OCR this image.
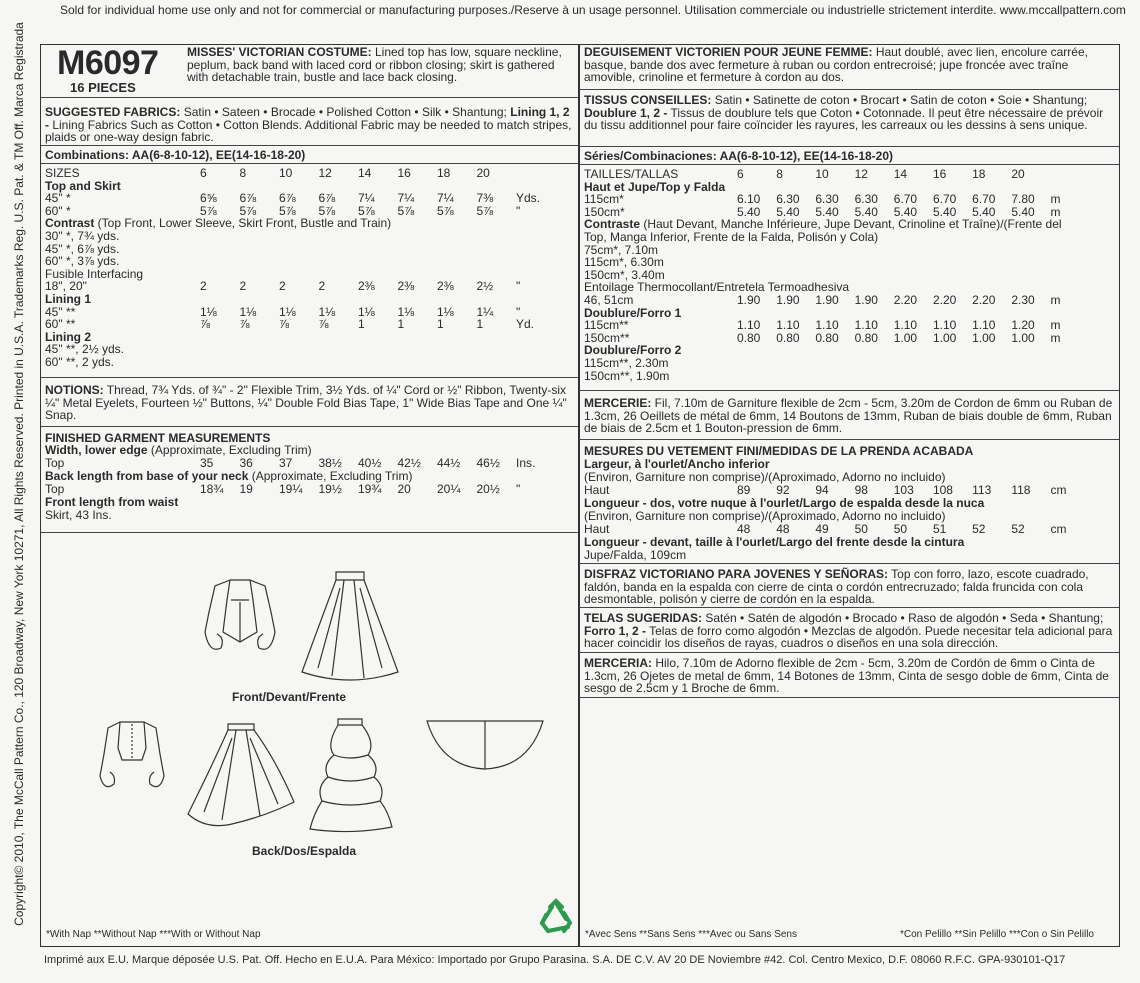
Sold for individual home use only and not for commercial or manufacturing purposes./Reserve à un usage personnel. Utilisation commerciale ou industrielle strictement interdite. www.mccallpattern.com
Copyright© 2010, The McCall Pattern Co., 120 Broadway, New York 10271, All Rights Reserved. Printed in U.S.A. Trademarks Reg. U.S. Pat. & TM Off. Marca Registrada M6097
16 PIECES
MISSES' VICTORIAN COSTUME: Lined top has low, square neckline, peplum, back band with laced cord or ribbon closing; skirt is gathered with detachable train, bustle and lace back closing.
SUGGESTED FABRICS: Satin • Sateen • Brocade • Polished Cotton • Silk • Shantung; Lining 1, 2 - Lining Fabrics Such as Cotton • Cotton Blends. Additional Fabric may be needed to match stripes, plaids or one-way design fabric.
Combinations: AA(6-8-10-12), EE(14-16-18-20)
SIZES	6	8	10	12	14	16	18	20	
Top and Skirt									
45" *	6⅝	6⅞	6⅞	6⅞	7¼	7¼	7¼	7⅜	Yds.
60" *	5⅞	5⅞	5⅞	5⅞	5⅞	5⅞	5⅞	5⅞	"
Contrast (Top Front, Lower Sleeve, Skirt Front, Bustle and Train)									
30" *, 7¾ yds.									
45" *, 6⅞ yds.									
60" *, 3⅞ yds.									
Fusible Interfacing									
18", 20"	2	2	2	2	2⅜	2⅜	2⅜	2½	"
Lining 1									
45" **	1⅛	1⅛	1⅛	1⅛	1⅛	1⅛	1⅛	1¼	"
60" **	⅞	⅞	⅞	⅞	1	1	1	1	Yd.
Lining 2									
45" **, 2½ yds.									
60" **, 2 yds.									
NOTIONS: Thread, 7¾ Yds. of ¾" - 2" Flexible Trim, 3½ Yds. of ¼" Cord or ½" Ribbon, Twenty-six ¼" Metal Eyelets, Fourteen ½" Buttons, ¼" Double Fold Bias Tape, 1" Wide Bias Tape and One ¼" Snap.
FINISHED GARMENT MEASUREMENTS
Width, lower edge (Approximate, Excluding Trim)
Top	35	36	37	38½	40½	42½	44½	46½	Ins.
Back length from base of your neck (Approximate, Excluding Trim)
Top	18¾	19	19¼	19½	19¾	20	20¼	20½	"
Front length from waist
Skirt, 43 Ins.
Front/Devant/Frente
Back/Dos/Espalda
*With Nap **Without Nap ***With or Without Nap
DEGUISEMENT VICTORIEN POUR JEUNE FEMME: Haut doublé, avec lien, encolure carrée, basque, bande dos avec fermeture à ruban ou cordon entrecroisé; jupe froncée avec traîne amovible, crinoline et fermeture à cordon au dos.
TISSUS CONSEILLES: Satin • Satinette de coton • Brocart • Satin de coton • Soie • Shantung; Doublure 1, 2 - Tissus de doublure tels que Coton • Cotonnade. Il peut être nécessaire de prévoir du tissu additionnel pour faire coïncider les rayures, les carreaux ou les dessins à sens unique.
Séries/Combinaciones: AA(6-8-10-12), EE(14-16-18-20)
TAILLES/TALLAS	6	8	10	12	14	16	18	20	
Haut et Jupe/Top y Falda									
115cm*	6.10	6.30	6.30	6.30	6.70	6.70	6.70	7.80	m
150cm*	5.40	5.40	5.40	5.40	5.40	5.40	5.40	5.40	m
Contraste (Haut Devant, Manche Inférieure, Jupe Devant, Crinoline et Traîne)/(Frente del Top, Manga Inferior, Frente de la Falda, Polisón y Cola)									
75cm*, 7.10m									
115cm*, 6.30m									
150cm*, 3.40m									
Entoilage Thermocollant/Entretela Termoadhesiva									
46, 51cm	1.90	1.90	1.90	1.90	2.20	2.20	2.20	2.30	m
Doublure/Forro 1									
115cm**	1.10	1.10	1.10	1.10	1.10	1.10	1.10	1.20	m
150cm**	0.80	0.80	0.80	0.80	1.00	1.00	1.00	1.00	m
Doublure/Forro 2									
115cm**, 2.30m									
150cm**, 1.90m									
MERCERIE: Fil, 7.10m de Garniture flexible de 2cm - 5cm, 3.20m de Cordon de 6mm ou Ruban de 1.3cm, 26 Oeillets de métal de 6mm, 14 Boutons de 13mm, Ruban de biais double de 6mm, Ruban de biais de 2.5cm et 1 Bouton-pression de 6mm.
MESURES DU VETEMENT FINI/MEDIDAS DE LA PRENDA ACABADA
Largeur, à l'ourlet/Ancho inferior
(Environ, Garniture non comprise)/(Aproximado, Adorno no incluido)
Haut	89	92	94	98	103	108	113	118	cm
Longueur - dos, votre nuque à l'ourlet/Largo de espalda desde la nuca
(Environ, Garniture non comprise)/(Aproximado, Adorno no incluido)
Haut	48	48	49	50	50	51	52	52	cm
Longueur - devant, taille à l'ourlet/Largo del frente desde la cintura
Jupe/Falda, 109cm
DISFRAZ VICTORIANO PARA JOVENES Y SEÑORAS: Top con forro, lazo, escote cuadrado, faldón, banda en la espalda con cierre de cinta o cordón entrecruzado; falda fruncida con cola desmontable, polisón y cierre de cordón en la espalda.
TELAS SUGERIDAS: Satén • Satén de algodón • Brocado • Raso de algodón • Seda • Shantung; Forro 1, 2 - Telas de forro como algodón • Mezclas de algodón. Puede necesitar tela adicional para hacer coincidir los diseños de rayas, cuadros o diseños en una sola dirección.
MERCERIA: Hilo, 7.10m de Adorno flexible de 2cm - 5cm, 3.20m de Cordón de 6mm o Cinta de 1.3cm, 26 Ojetes de metal de 6mm, 14 Botones de 13mm, Cinta de sesgo doble de 6mm, Cinta de sesgo de 2.5cm y 1 Broche de 6mm.
*Avec Sens **Sans Sens ***Avec ou Sans Sens	*Con Pelillo **Sin Pelillo ***Con o Sin Pelillo
Imprimé aux E.U. Marque déposée U.S. Pat. Off. Hecho en E.U.A. Para México: Importado por Grupo Parasina. S.A. DE C.V. AV 20 DE Noviembre #42. Col. Centro Mexico, D.F. 08060 R.F.C. GPA-930101-Q17
